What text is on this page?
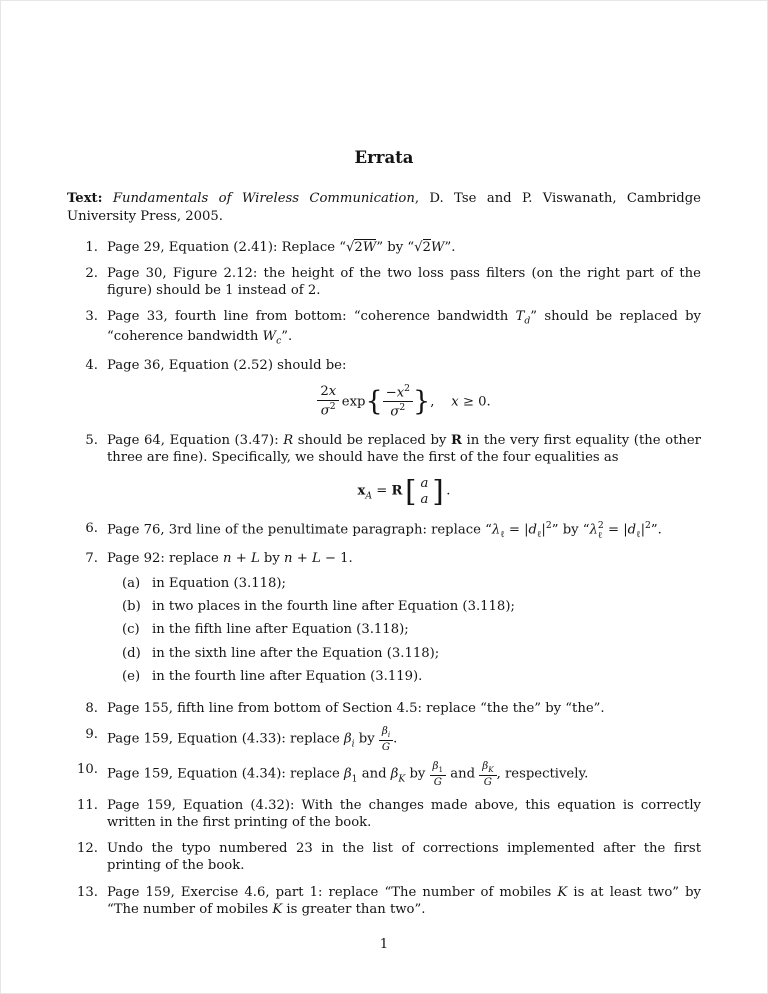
Errata

Text: Fundamentals of Wireless Communication, D. Tse and P. Viswanath, Cambridge University Press, 2005.

1. Page 29, Equation (2.41): Replace “√2W” by “√2W”.
2. Page 30, Figure 2.12: the height of the two loss pass filters (on the right part of the figure) should be 1 instead of 2.
3. Page 33, fourth line from bottom: “coherence bandwidth $T_d$” should be replaced by “coherence bandwidth $W_c$”.
4. Page 36, Equation (2.52) should be:
$\frac{2x}{\sigma^2} \exp\{ \frac{-x^2}{\sigma^2}$ },    x ≥ 0.
5. Page 64, Equation (3.47): R should be replaced by R in the very first equality (the other three are fine). Specifically, we should have the first of the four equalities as
$x_A = R$ [ a
a ] .
6. Page 76, 3rd line of the penultimate paragraph: replace “$\lambda_\ell = |d_\ell|^2$” by “λ 2
ℓ = $|d_\ell|^2$”.
7. Page 92: replace n + L by n + L − 1.
(a) in Equation (3.118);
(b) in two places in the fourth line after Equation (3.118);
(c) in the fifth line after Equation (3.118);
(d) in the sixth line after the Equation (3.118);
(e) in the fourth line after Equation (3.119).
8. Page 155, fifth line from bottom of Section 4.5: replace “the the” by “the”.
9. Page 159, Equation (4.33): replace $\beta_i$ by $\frac{\beta_i}{G}$ .
10. Page 159, Equation (4.34): replace $\beta_1$ and $\beta_K$ by $\frac{\beta_1}{G}$ and $\frac{\beta_K}{G}$ , respectively.
11. Page 159, Equation (4.32): With the changes made above, this equation is correctly written in the first printing of the book.
12. Undo the typo numbered 23 in the list of corrections implemented after the first printing of the book.
13. Page 159, Exercise 4.6, part 1: replace “The number of mobiles K is at least two” by “The number of mobiles K is greater than two”.
1
